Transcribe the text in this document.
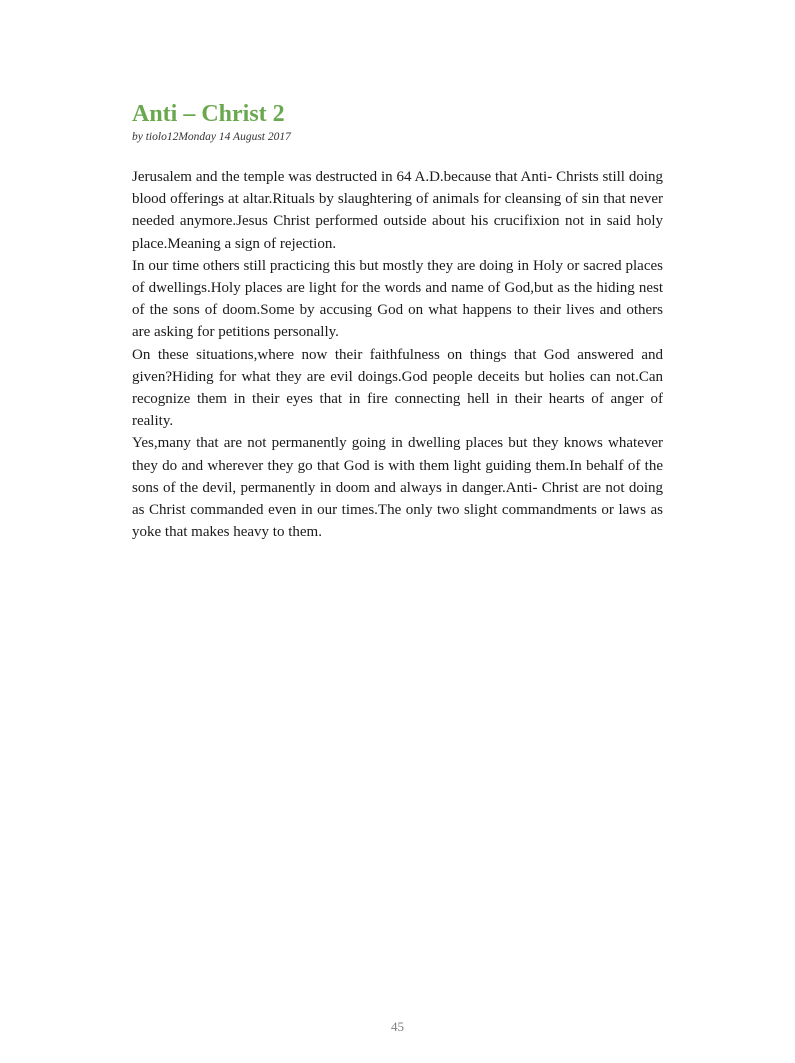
Anti – Christ 2
by tiolo12Monday 14 August 2017

Jerusalem and the temple was destructed in 64 A.D.because that Anti- Christs still doing blood offerings at altar.Rituals by slaughtering of animals for cleansing of sin that never needed anymore.Jesus Christ performed outside about his crucifixion not in said holy place.Meaning a sign of rejection.

In our time others still practicing this but mostly they are doing in Holy or sacred places of dwellings.Holy places are light for the words and name of God,but as the hiding nest of the sons of doom.Some by accusing God on what happens to their lives and others are asking for petitions personally.

On these situations,where now their faithfulness on things that God answered and given?Hiding for what they are evil doings.God people deceits but holies can not.Can recognize them in their eyes that in fire connecting hell in their hearts of anger of reality.

Yes,many that are not permanently going in dwelling places but they knows whatever they do and wherever they go that God is with them light guiding them.In behalf of the sons of the devil, permanently in doom and always in danger.Anti- Christ are not doing as Christ commanded even in our times.The only two slight commandments or laws as yoke that makes heavy to them.

45
